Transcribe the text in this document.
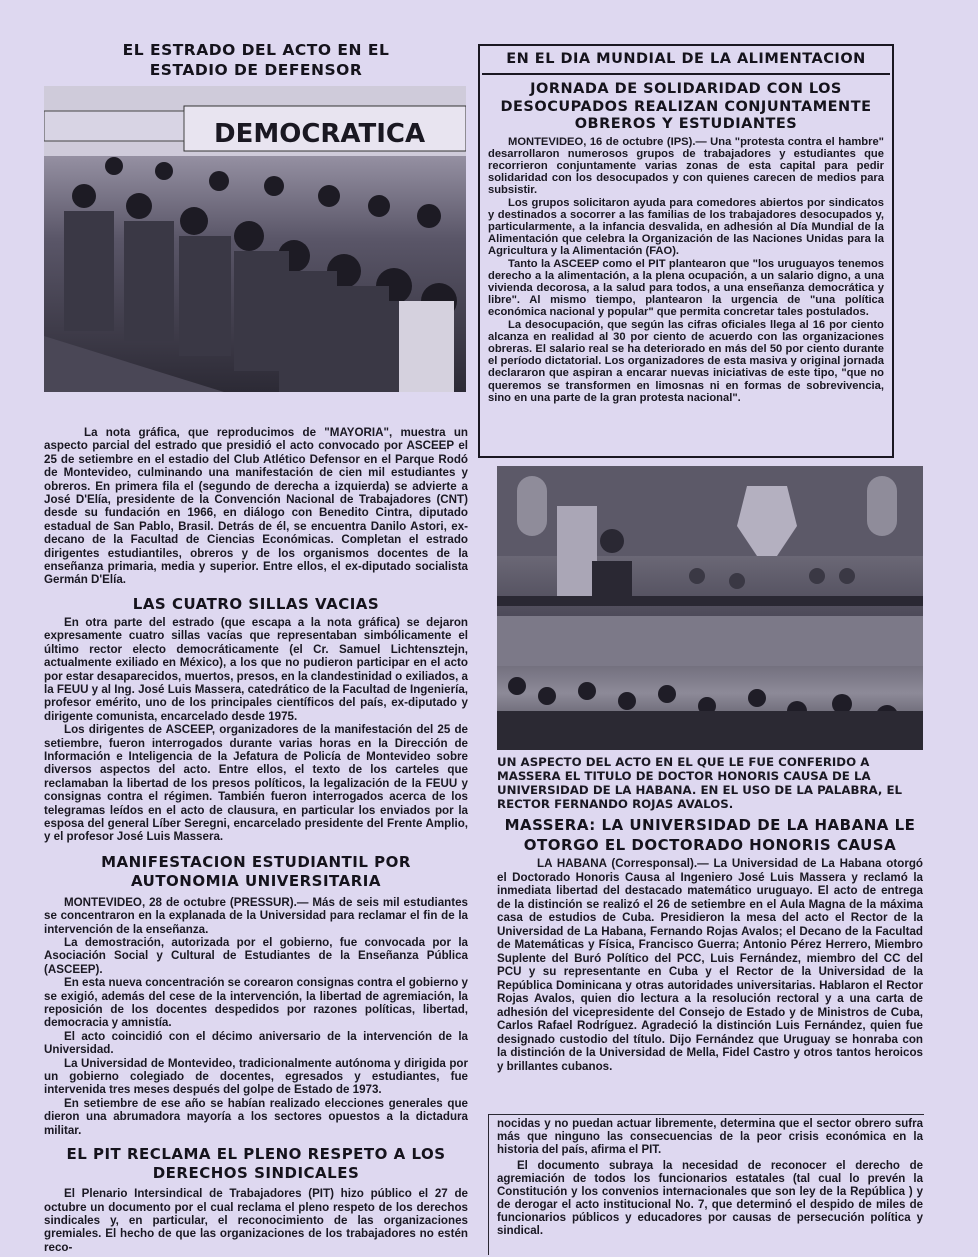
EL ESTRADO DEL ACTO EN EL ESTADIO DE DEFENSOR
DEMOCRATICA

La nota gráfica, que reproducimos de "MAYORIA", muestra un aspecto parcial del estrado que presidió el acto convocado por ASCEEP el 25 de setiembre en el estadio del Club Atlético Defensor en el Parque Rodó de Montevideo, culminando una manifestación de cien mil estudiantes y obreros. En primera fila el (segundo de derecha a izquierda) se advierte a José D'Elía, presidente de la Convención Nacional de Trabajadores (CNT) desde su fundación en 1966, en diálogo con Benedito Cintra, diputado estadual de San Pablo, Brasil. Detrás de él, se encuentra Danilo Astori, ex-decano de la Facultad de Ciencias Económicas. Completan el estrado dirigentes estudiantiles, obreros y de los organismos docentes de la enseñanza primaria, media y superior. Entre ellos, el ex-diputado socialista Germán D'Elía.

LAS CUATRO SILLAS VACIAS

En otra parte del estrado (que escapa a la nota gráfica) se dejaron expresamente cuatro sillas vacías que representaban simbólicamente el último rector electo democráticamente (el Cr. Samuel Lichtensztejn, actualmente exiliado en México), a los que no pudieron participar en el acto por estar desaparecidos, muertos, presos, en la clandestinidad o exiliados, a la FEUU y al Ing. José Luis Massera, catedrático de la Facultad de Ingeniería, profesor emérito, uno de los principales científicos del país, ex-diputado y dirigente comunista, encarcelado desde 1975.

Los dirigentes de ASCEEP, organizadores de la manifestación del 25 de setiembre, fueron interrogados durante varias horas en la Dirección de Información e Inteligencia de la Jefatura de Policía de Montevideo sobre diversos aspectos del acto. Entre ellos, el texto de los carteles que reclamaban la libertad de los presos políticos, la legalización de la FEUU y consignas contra el régimen. También fueron interrogados acerca de los telegramas leídos en el acto de clausura, en particular los enviados por la esposa del general Líber Seregni, encarcelado presidente del Frente Amplio, y el profesor José Luis Massera.

MANIFESTACION ESTUDIANTIL POR AUTONOMIA UNIVERSITARIA

MONTEVIDEO, 28 de octubre (PRESSUR).— Más de seis mil estudiantes se concentraron en la explanada de la Universidad para reclamar el fin de la intervención de la enseñanza.

La demostración, autorizada por el gobierno, fue convocada por la Asociación Social y Cultural de Estudiantes de la Enseñanza Pública (ASCEEP).

En esta nueva concentración se corearon consignas contra el gobierno y se exigió, además del cese de la intervención, la libertad de agremiación, la reposición de los docentes despedidos por razones políticas, libertad, democracia y amnistía.

El acto coincidió con el décimo aniversario de la intervención de la Universidad.

La Universidad de Montevideo, tradicionalmente autónoma y dirigida por un gobierno colegiado de docentes, egresados y estudiantes, fue intervenida tres meses después del golpe de Estado de 1973.

En setiembre de ese año se habían realizado elecciones generales que dieron una abrumadora mayoría a los sectores opuestos a la dictadura militar.

EL PIT RECLAMA EL PLENO RESPETO A LOS DERECHOS SINDICALES

El Plenario Intersindical de Trabajadores (PIT) hizo público el 27 de octubre un documento por el cual reclama el pleno respeto de los derechos sindicales y, en particular, el reconocimiento de las organizaciones gremiales. El hecho de que las organizaciones de los trabajadores no estén reco-

EN EL DIA MUNDIAL DE LA ALIMENTACION
JORNADA DE SOLIDARIDAD CON LOS DESOCUPADOS REALIZAN CONJUNTAMENTE OBREROS Y ESTUDIANTES

MONTEVIDEO, 16 de octubre (IPS).— Una "protesta contra el hambre" desarrollaron numerosos grupos de trabajadores y estudiantes que recorrieron conjuntamente varias zonas de esta capital para pedir solidaridad con los desocupados y con quienes carecen de medios para subsistir.

Los grupos solicitaron ayuda para comedores abiertos por sindicatos y destinados a socorrer a las familias de los trabajadores desocupados y, particularmente, a la infancia desvalida, en adhesión al Día Mundial de la Alimentación que celebra la Organización de las Naciones Unidas para la Agricultura y la Alimentación (FAO).

Tanto la ASCEEP como el PIT plantearon que "los uruguayos tenemos derecho a la alimentación, a la plena ocupación, a un salario digno, a una vivienda decorosa, a la salud para todos, a una enseñanza democrática y libre". Al mismo tiempo, plantearon la urgencia de "una política económica nacional y popular" que permita concretar tales postulados.

La desocupación, que según las cifras oficiales llega al 16 por ciento alcanza en realidad al 30 por ciento de acuerdo con las organizaciones obreras. El salario real se ha deteriorado en más del 50 por ciento durante el período dictatorial. Los organizadores de esta masiva y original jornada declararon que aspiran a encarar nuevas iniciativas de este tipo, "que no queremos se transformen en limosnas ni en formas de sobrevivencia, sino en una parte de la gran protesta nacional".

UN ASPECTO DEL ACTO EN EL QUE LE FUE CONFERIDO A MASSERA EL TITULO DE DOCTOR HONORIS CAUSA DE LA UNIVERSIDAD DE LA HABANA. EN EL USO DE LA PALABRA, EL RECTOR FERNANDO ROJAS AVALOS.

MASSERA: LA UNIVERSIDAD DE LA HABANA LE OTORGO EL DOCTORADO HONORIS CAUSA

LA HABANA (Corresponsal).— La Universidad de La Habana otorgó el Doctorado Honoris Causa al Ingeniero José Luis Massera y reclamó la inmediata libertad del destacado matemático uruguayo. El acto de entrega de la distinción se realizó el 26 de setiembre en el Aula Magna de la máxima casa de estudios de Cuba. Presidieron la mesa del acto el Rector de la Universidad de La Habana, Fernando Rojas Avalos; el Decano de la Facultad de Matemáticas y Física, Francisco Guerra; Antonio Pérez Herrero, Miembro Suplente del Buró Político del PCC, Luis Fernández, miembro del CC del PCU y su representante en Cuba y el Rector de la Universidad de la República Dominicana y otras autoridades universitarias. Hablaron el Rector Rojas Avalos, quien dio lectura a la resolución rectoral y a una carta de adhesión del vicepresidente del Consejo de Estado y de Ministros de Cuba, Carlos Rafael Rodríguez. Agradeció la distinción Luis Fernández, quien fue designado custodio del título. Dijo Fernández que Uruguay se honraba con la distinción de la Universidad de Mella, Fidel Castro y otros tantos heroicos y brillantes cubanos.

nocidas y no puedan actuar libremente, determina que el sector obrero sufra más que ninguno las consecuencias de la peor crisis económica en la historia del país, afirma el PIT.

El documento subraya la necesidad de reconocer el derecho de agremiación de todos los funcionarios estatales (tal cual lo prevén la Constitución y los convenios internacionales que son ley de la República ) y de derogar el acto institucional No. 7, que determinó el despido de miles de funcionarios públicos y educadores por causas de persecución política y sindical.
